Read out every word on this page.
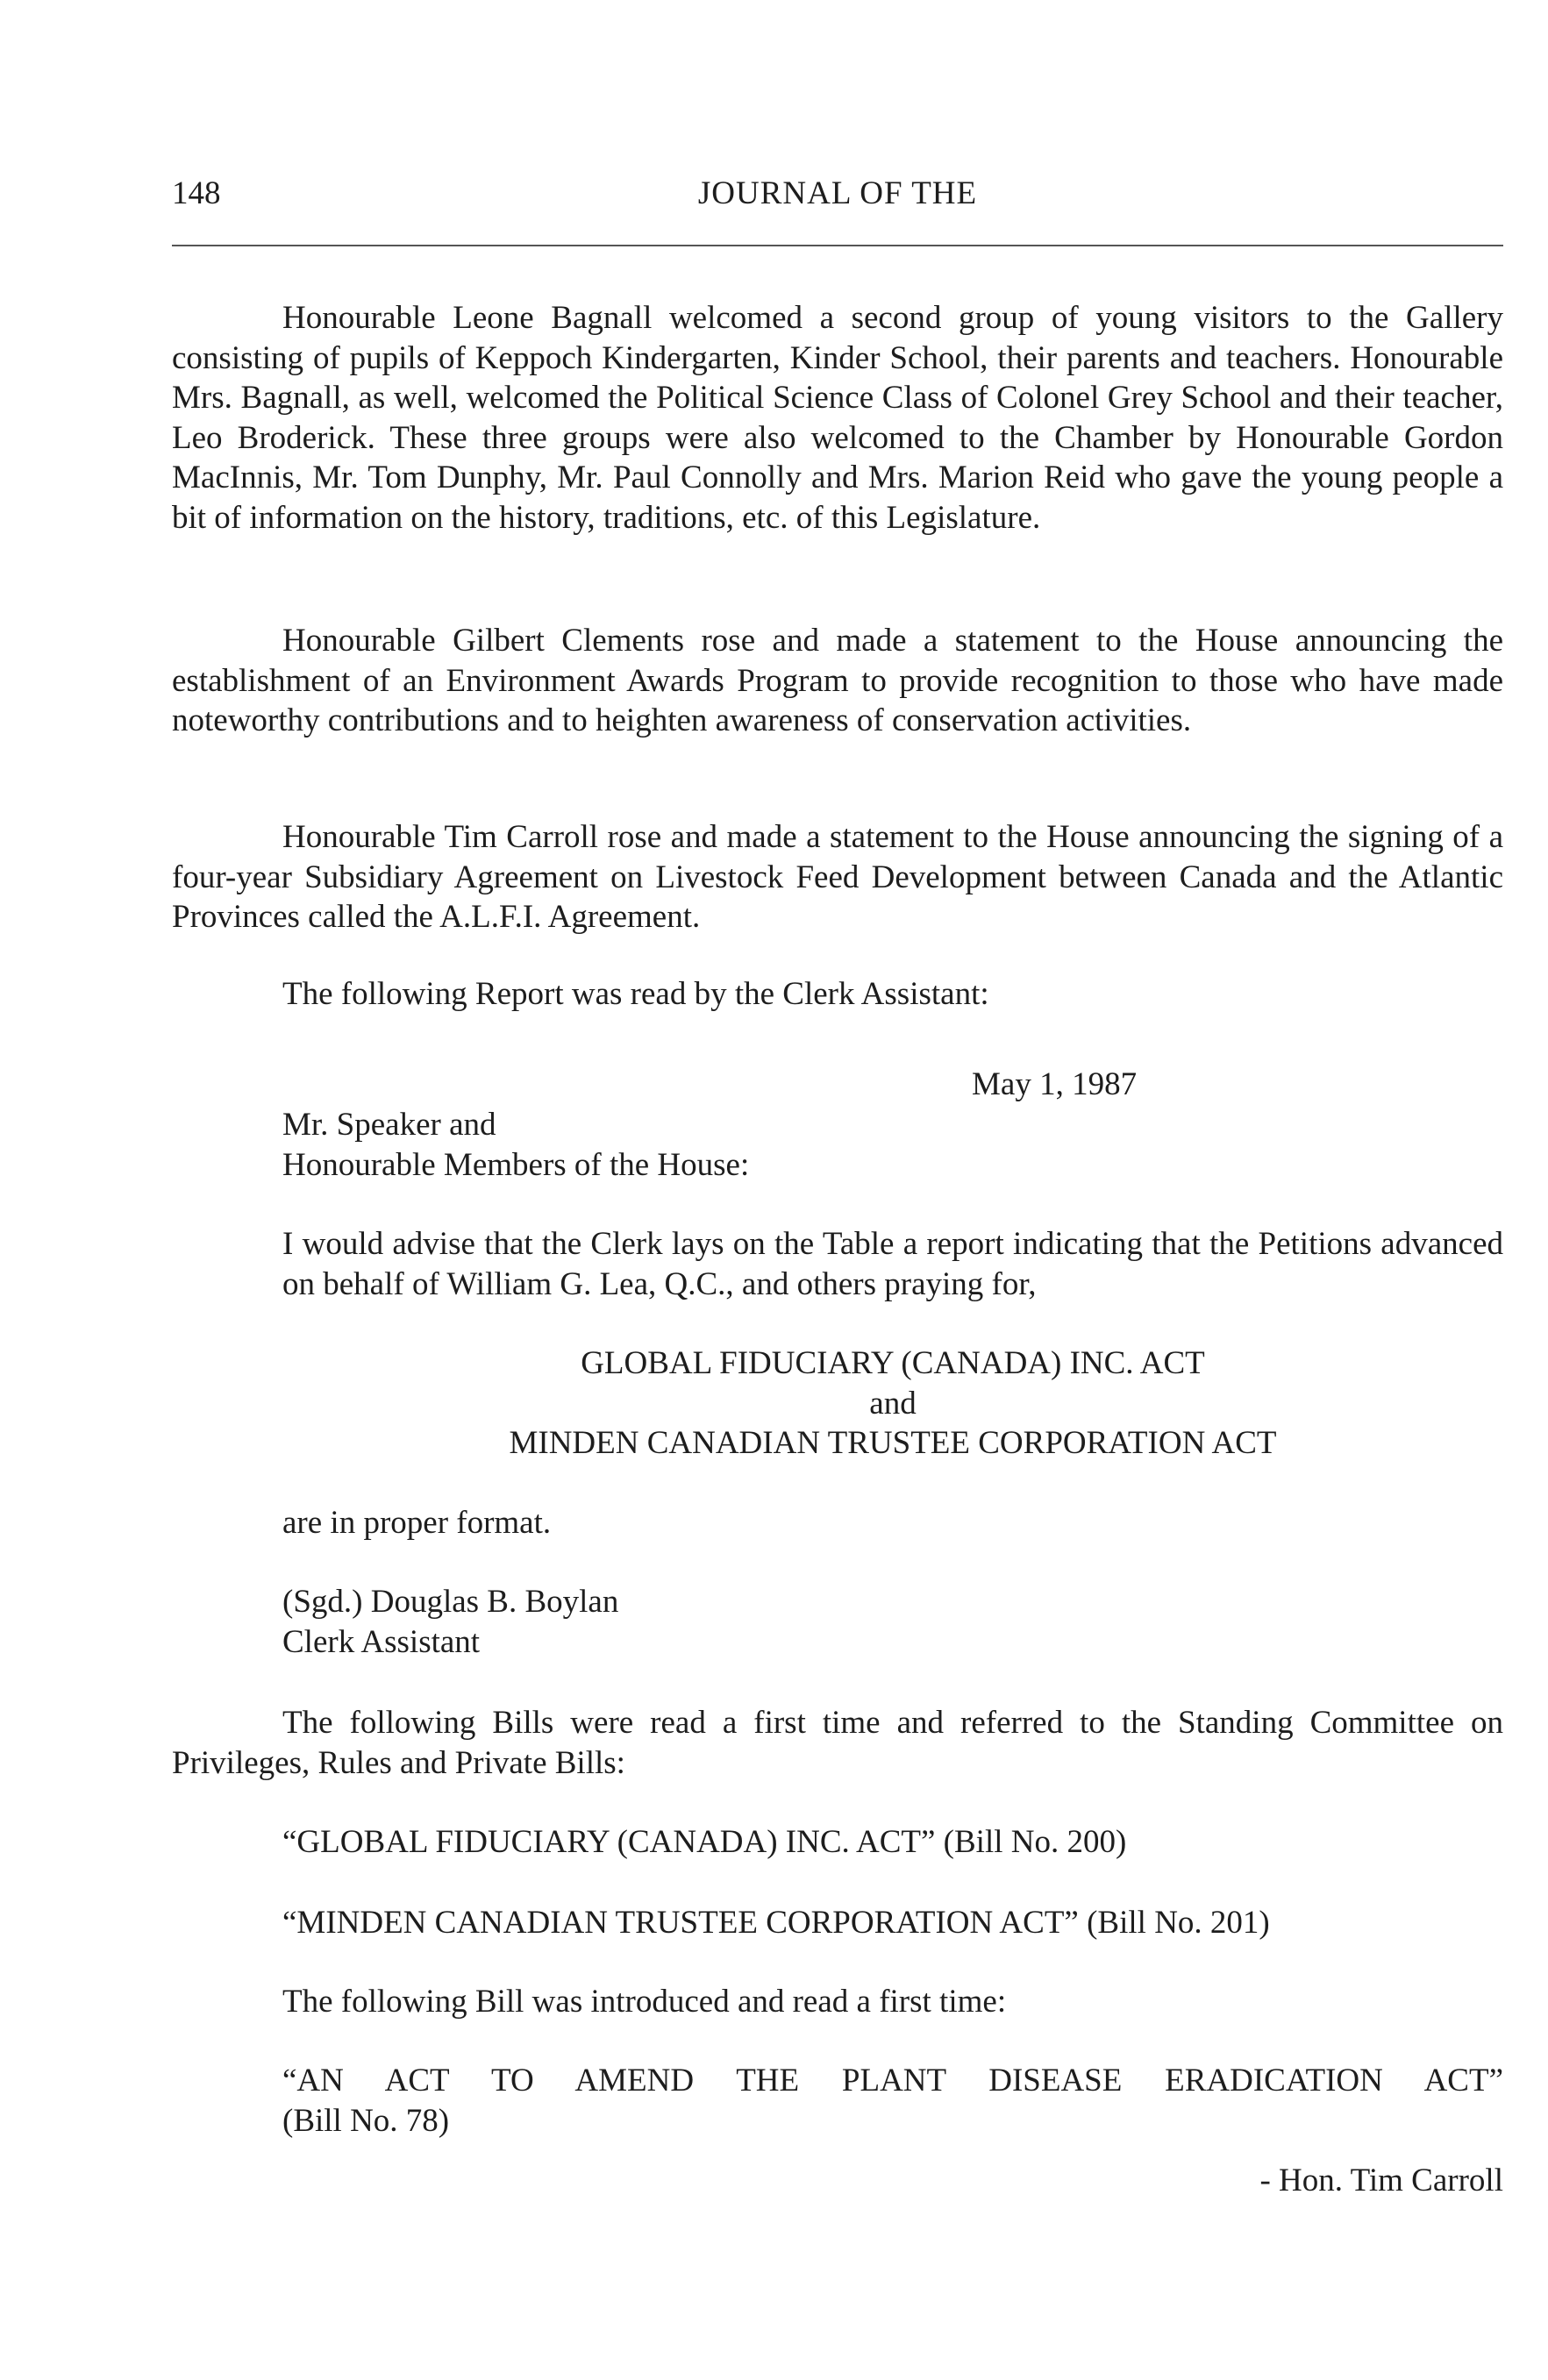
148	JOURNAL OF THE

Honourable Leone Bagnall welcomed a second group of young visitors to the Gallery consisting of pupils of Keppoch Kindergarten, Kinder School, their parents and teachers. Honourable Mrs. Bagnall, as well, welcomed the Political Science Class of Colonel Grey School and their teacher, Leo Broderick. These three groups were also welcomed to the Chamber by Honourable Gordon MacInnis, Mr. Tom Dunphy, Mr. Paul Connolly and Mrs. Marion Reid who gave the young people a bit of information on the history, traditions, etc. of this Legislature.

Honourable Gilbert Clements rose and made a statement to the House announcing the establishment of an Environment Awards Program to provide recognition to those who have made noteworthy contributions and to heighten awareness of conservation activities.

Honourable Tim Carroll rose and made a statement to the House announcing the signing of a four-year Subsidiary Agreement on Livestock Feed Development between Canada and the Atlantic Provinces called the A.L.F.I. Agreement.

The following Report was read by the Clerk Assistant:

May 1, 1987
Mr. Speaker and
Honourable Members of the House:
I would advise that the Clerk lays on the Table a report indicating that the Petitions advanced on behalf of William G. Lea, Q.C., and others praying for,
GLOBAL FIDUCIARY (CANADA) INC. ACT
and
MINDEN CANADIAN TRUSTEE CORPORATION ACT
are in proper format.
(Sgd.) Douglas B. Boylan
Clerk Assistant
The following Bills were read a first time and referred to the Standing Committee on Privileges, Rules and Private Bills:
“GLOBAL FIDUCIARY (CANADA) INC. ACT” (Bill No. 200)
“MINDEN CANADIAN TRUSTEE CORPORATION ACT” (Bill No. 201)
The following Bill was introduced and read a first time:
“AN ACT TO AMEND THE PLANT DISEASE ERADICATION ACT”
(Bill No. 78)
- Hon. Tim Carroll
